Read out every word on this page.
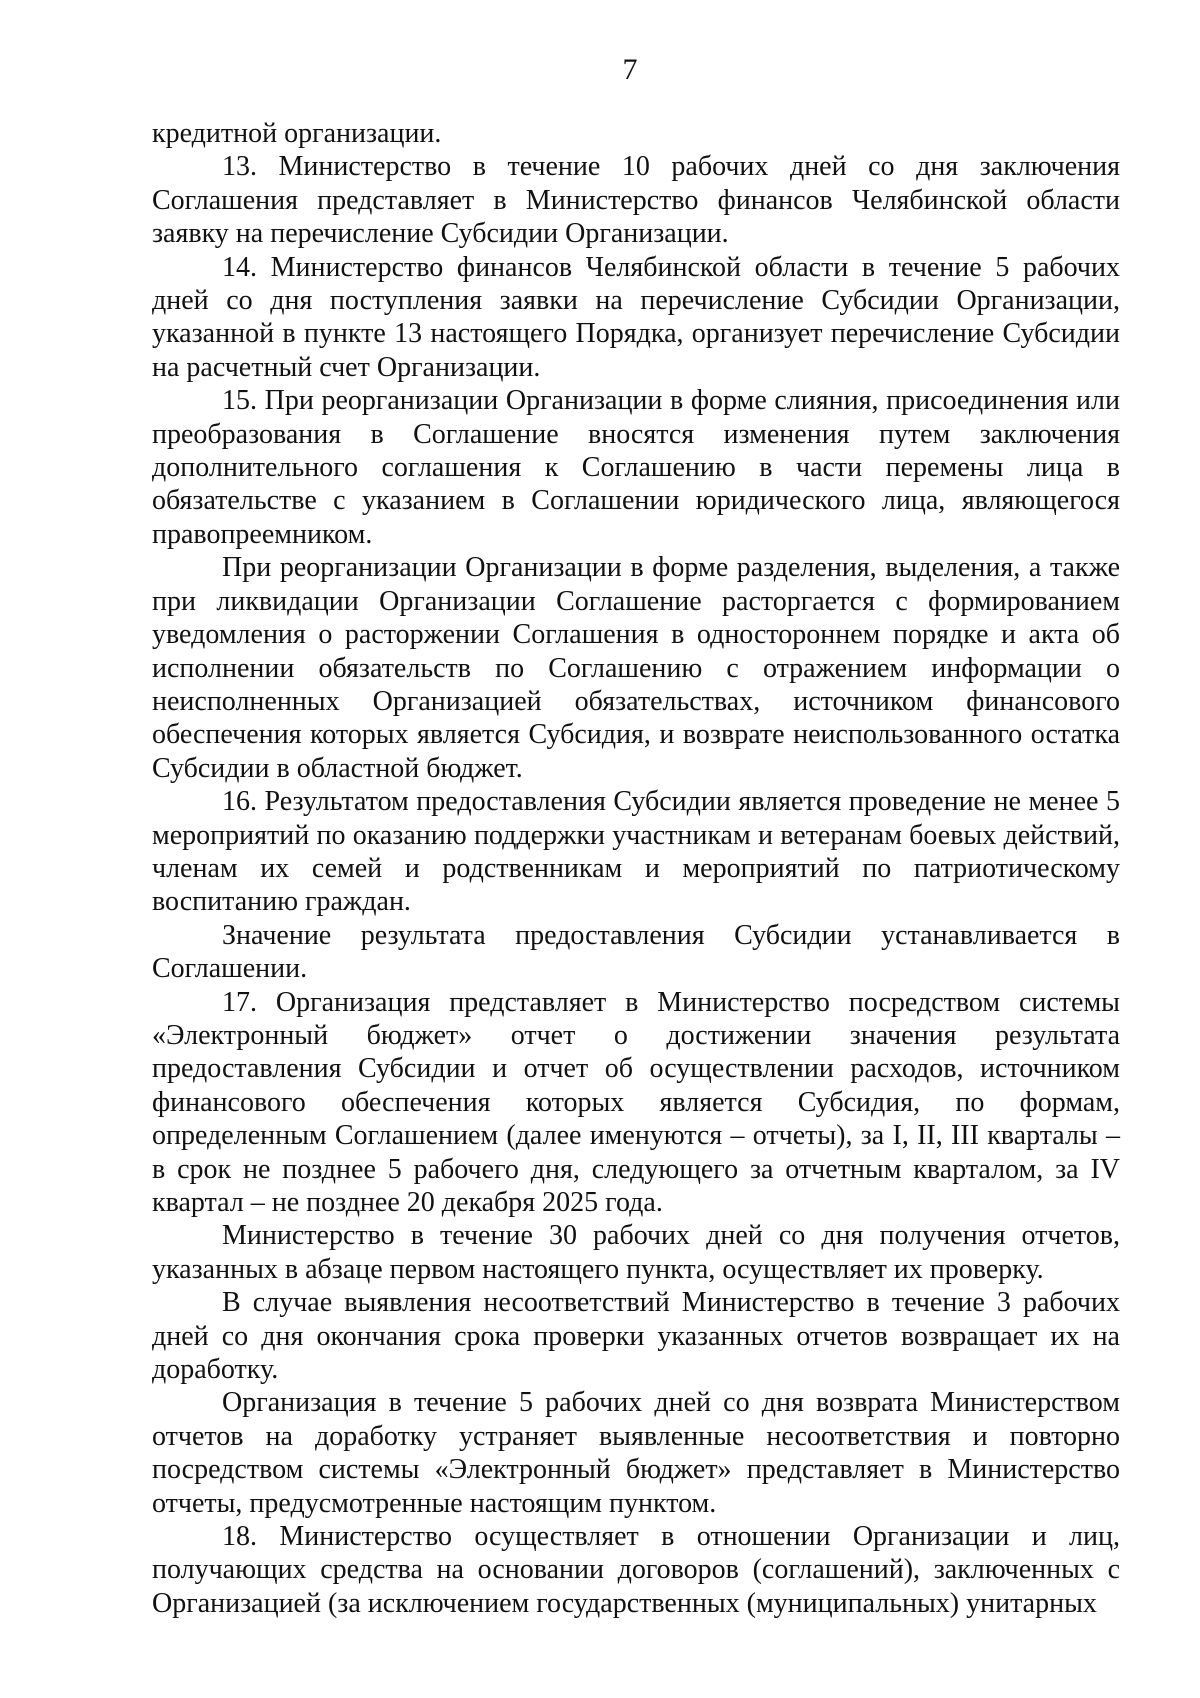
7

кредитной организации.

13. Министерство в течение 10 рабочих дней со дня заключения Соглашения представляет в Министерство финансов Челябинской области заявку на перечисление Субсидии Организации.

14. Министерство финансов Челябинской области в течение 5 рабочих дней со дня поступления заявки на перечисление Субсидии Организации, указанной в пункте 13 настоящего Порядка, организует перечисление Субсидии на расчетный счет Организации.

15. При реорганизации Организации в форме слияния, присоединения или преобразования в Соглашение вносятся изменения путем заключения дополнительного соглашения к Соглашению в части перемены лица в обязательстве с указанием в Соглашении юридического лица, являющегося правопреемником.

При реорганизации Организации в форме разделения, выделения, а также при ликвидации Организации Соглашение расторгается с формированием уведомления о расторжении Соглашения в одностороннем порядке и акта об исполнении обязательств по Соглашению с отражением информации о неисполненных Организацией обязательствах, источником финансового обеспечения которых является Субсидия, и возврате неиспользованного остатка Субсидии в областной бюджет.

16. Результатом предоставления Субсидии является проведение не менее 5 мероприятий по оказанию поддержки участникам и ветеранам боевых действий, членам их семей и родственникам и мероприятий по патриотическому воспитанию граждан.

Значение результата предоставления Субсидии устанавливается в Соглашении.

17. Организация представляет в Министерство посредством системы «Электронный бюджет» отчет о достижении значения результата предоставления Субсидии и отчет об осуществлении расходов, источником финансового обеспечения которых является Субсидия, по формам, определенным Соглашением (далее именуются – отчеты), за I, II, III кварталы – в срок не позднее 5 рабочего дня, следующего за отчетным кварталом, за IV квартал – не позднее 20 декабря 2025 года.

Министерство в течение 30 рабочих дней со дня получения отчетов, указанных в абзаце первом настоящего пункта, осуществляет их проверку.

В случае выявления несоответствий Министерство в течение 3 рабочих дней со дня окончания срока проверки указанных отчетов возвращает их на доработку.

Организация в течение 5 рабочих дней со дня возврата Министерством отчетов на доработку устраняет выявленные несоответствия и повторно посредством системы «Электронный бюджет» представляет в Министерство отчеты, предусмотренные настоящим пунктом.

18. Министерство осуществляет в отношении Организации и лиц, получающих средства на основании договоров (соглашений), заключенных с Организацией (за исключением государственных (муниципальных) унитарных
